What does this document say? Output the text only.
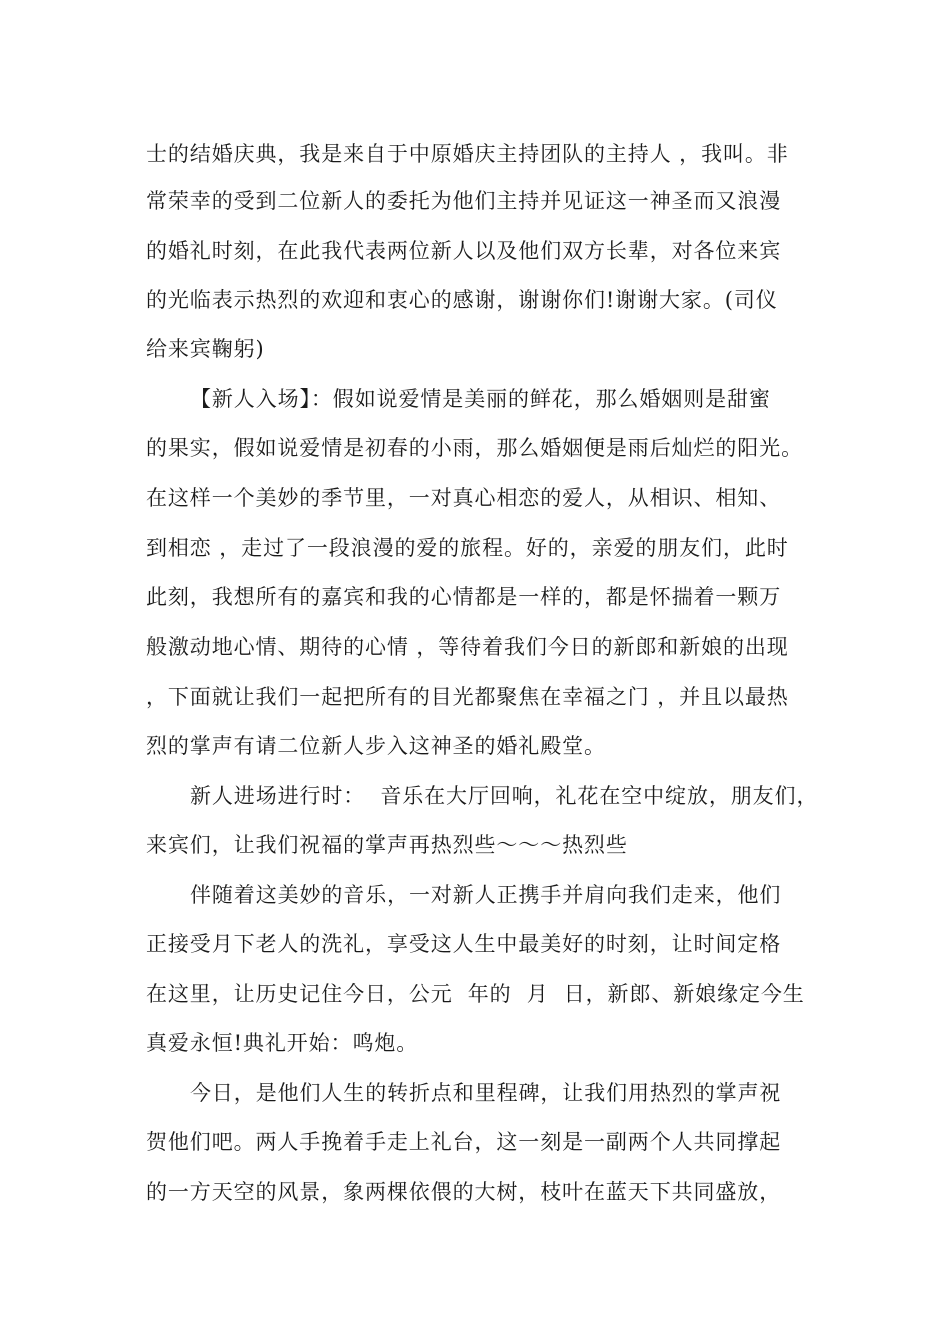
士的结婚庆典，我是来自于中原婚庆主持团队的主持人 ，我叫。非
常荣幸的受到二位新人的委托为他们主持并见证这一神圣而又浪漫
的婚礼时刻，在此我代表两位新人以及他们双方长辈，对各位来宾
的光临表示热烈的欢迎和衷心的感谢，谢谢你们!谢谢大家。(司仪
给来宾鞠躬)
【新人入场】：假如说爱情是美丽的鲜花，那么婚姻则是甜蜜
的果实，假如说爱情是初春的小雨，那么婚姻便是雨后灿烂的阳光。
在这样一个美妙的季节里，一对真心相恋的爱人，从相识、相知、
到相恋 ，走过了一段浪漫的爱的旅程。好的，亲爱的朋友们，此时
此刻，我想所有的嘉宾和我的心情都是一样的，都是怀揣着一颗万
般激动地心情、期待的心情 ，等待着我们今日的新郎和新娘的出现
，下面就让我们一起把所有的目光都聚焦在幸福之门 ，并且以最热
烈的掌声有请二位新人步入这神圣的婚礼殿堂。
新人进场进行时：  音乐在大厅回响，礼花在空中绽放，朋友们，
来宾们，让我们祝福的掌声再热烈些～～～热烈些
伴随着这美妙的音乐，一对新人正携手并肩向我们走来，他们
正接受月下老人的洗礼，享受这人生中最美好的时刻，让时间定格
在这里，让历史记住今日，公元  年的  月  日，新郎、新娘缘定今生
真爱永恒!典礼开始：鸣炮。
今日，是他们人生的转折点和里程碑，让我们用热烈的掌声祝
贺他们吧。两人手挽着手走上礼台，这一刻是一副两个人共同撑起
的一方天空的风景，象两棵依偎的大树，枝叶在蓝天下共同盛放，
